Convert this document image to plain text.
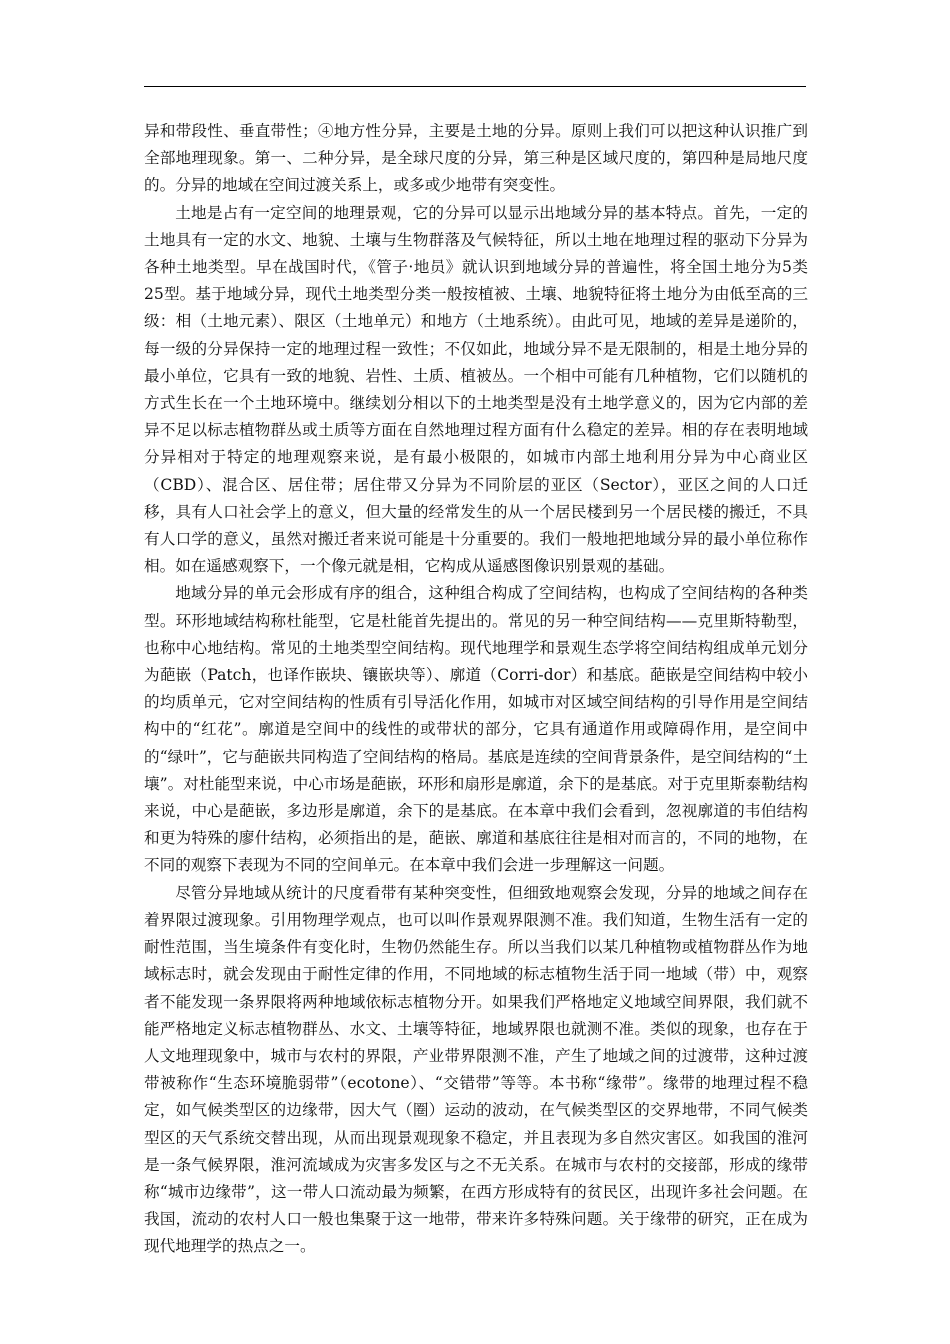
异和带段性、垂直带性；④地方性分异，主要是土地的分异。原则上我们可以把这种认识推广到全部地理现象。第一、二种分异，是全球尺度的分异，第三种是区域尺度的，第四种是局地尺度的。分异的地域在空间过渡关系上，或多或少地带有突变性。

土地是占有一定空间的地理景观，它的分异可以显示出地域分异的基本特点。首先，一定的土地具有一定的水文、地貌、土壤与生物群落及气候特征，所以土地在地理过程的驱动下分异为各种土地类型。早在战国时代，《管子·地员》就认识到地域分异的普遍性，将全国土地分为5类25型。基于地域分异，现代土地类型分类一般按植被、土壤、地貌特征将土地分为由低至高的三级：相（土地元素）、限区（土地单元）和地方（土地系统）。由此可见，地域的差异是递阶的，每一级的分异保持一定的地理过程一致性；不仅如此，地域分异不是无限制的，相是土地分异的最小单位，它具有一致的地貌、岩性、土质、植被丛。一个相中可能有几种植物，它们以随机的方式生长在一个土地环境中。继续划分相以下的土地类型是没有土地学意义的，因为它内部的差异不足以标志植物群丛或土质等方面在自然地理过程方面有什么稳定的差异。相的存在表明地域分异相对于特定的地理观察来说，是有最小极限的，如城市内部土地利用分异为中心商业区（CBD）、混合区、居住带；居住带又分异为不同阶层的亚区（Sector），亚区之间的人口迁移，具有人口社会学上的意义，但大量的经常发生的从一个居民楼到另一个居民楼的搬迁，不具有人口学的意义，虽然对搬迁者来说可能是十分重要的。我们一般地把地域分异的最小单位称作相。如在遥感观察下，一个像元就是相，它构成从遥感图像识别景观的基础。

地域分异的单元会形成有序的组合，这种组合构成了空间结构，也构成了空间结构的各种类型。环形地域结构称杜能型，它是杜能首先提出的。常见的另一种空间结构——克里斯特勒型，也称中心地结构。常见的土地类型空间结构。现代地理学和景观生态学将空间结构组成单元划分为葩嵌（Patch，也译作嵌块、镶嵌块等）、廓道（Corri-dor）和基底。葩嵌是空间结构中较小的均质单元，它对空间结构的性质有引导活化作用，如城市对区域空间结构的引导作用是空间结构中的“红花”。廓道是空间中的线性的或带状的部分，它具有通道作用或障碍作用，是空间中的“绿叶”，它与葩嵌共同构造了空间结构的格局。基底是连续的空间背景条件，是空间结构的“土壤”。对杜能型来说，中心市场是葩嵌，环形和扇形是廓道，余下的是基底。对于克里斯泰勒结构来说，中心是葩嵌，多边形是廓道，余下的是基底。在本章中我们会看到，忽视廓道的韦伯结构和更为特殊的廖什结构，必须指出的是，葩嵌、廓道和基底往往是相对而言的，不同的地物，在不同的观察下表现为不同的空间单元。在本章中我们会进一步理解这一问题。

尽管分异地域从统计的尺度看带有某种突变性，但细致地观察会发现，分异的地域之间存在着界限过渡现象。引用物理学观点，也可以叫作景观界限测不准。我们知道，生物生活有一定的耐性范围，当生境条件有变化时，生物仍然能生存。所以当我们以某几种植物或植物群丛作为地域标志时，就会发现由于耐性定律的作用，不同地域的标志植物生活于同一地域（带）中，观察者不能发现一条界限将两种地域依标志植物分开。如果我们严格地定义地域空间界限，我们就不能严格地定义标志植物群丛、水文、土壤等特征，地域界限也就测不准。类似的现象，也存在于人文地理现象中，城市与农村的界限，产业带界限测不准，产生了地域之间的过渡带，这种过渡带被称作“生态环境脆弱带”（ecotone）、“交错带”等等。本书称“缘带”。缘带的地理过程不稳定，如气候类型区的边缘带，因大气（圈）运动的波动，在气候类型区的交界地带，不同气候类型区的天气系统交替出现，从而出现景观现象不稳定，并且表现为多自然灾害区。如我国的淮河是一条气候界限，淮河流域成为灾害多发区与之不无关系。在城市与农村的交接部，形成的缘带称“城市边缘带”，这一带人口流动最为频繁，在西方形成特有的贫民区，出现许多社会问题。在我国，流动的农村人口一般也集聚于这一地带，带来许多特殊问题。关于缘带的研究，正在成为现代地理学的热点之一。
